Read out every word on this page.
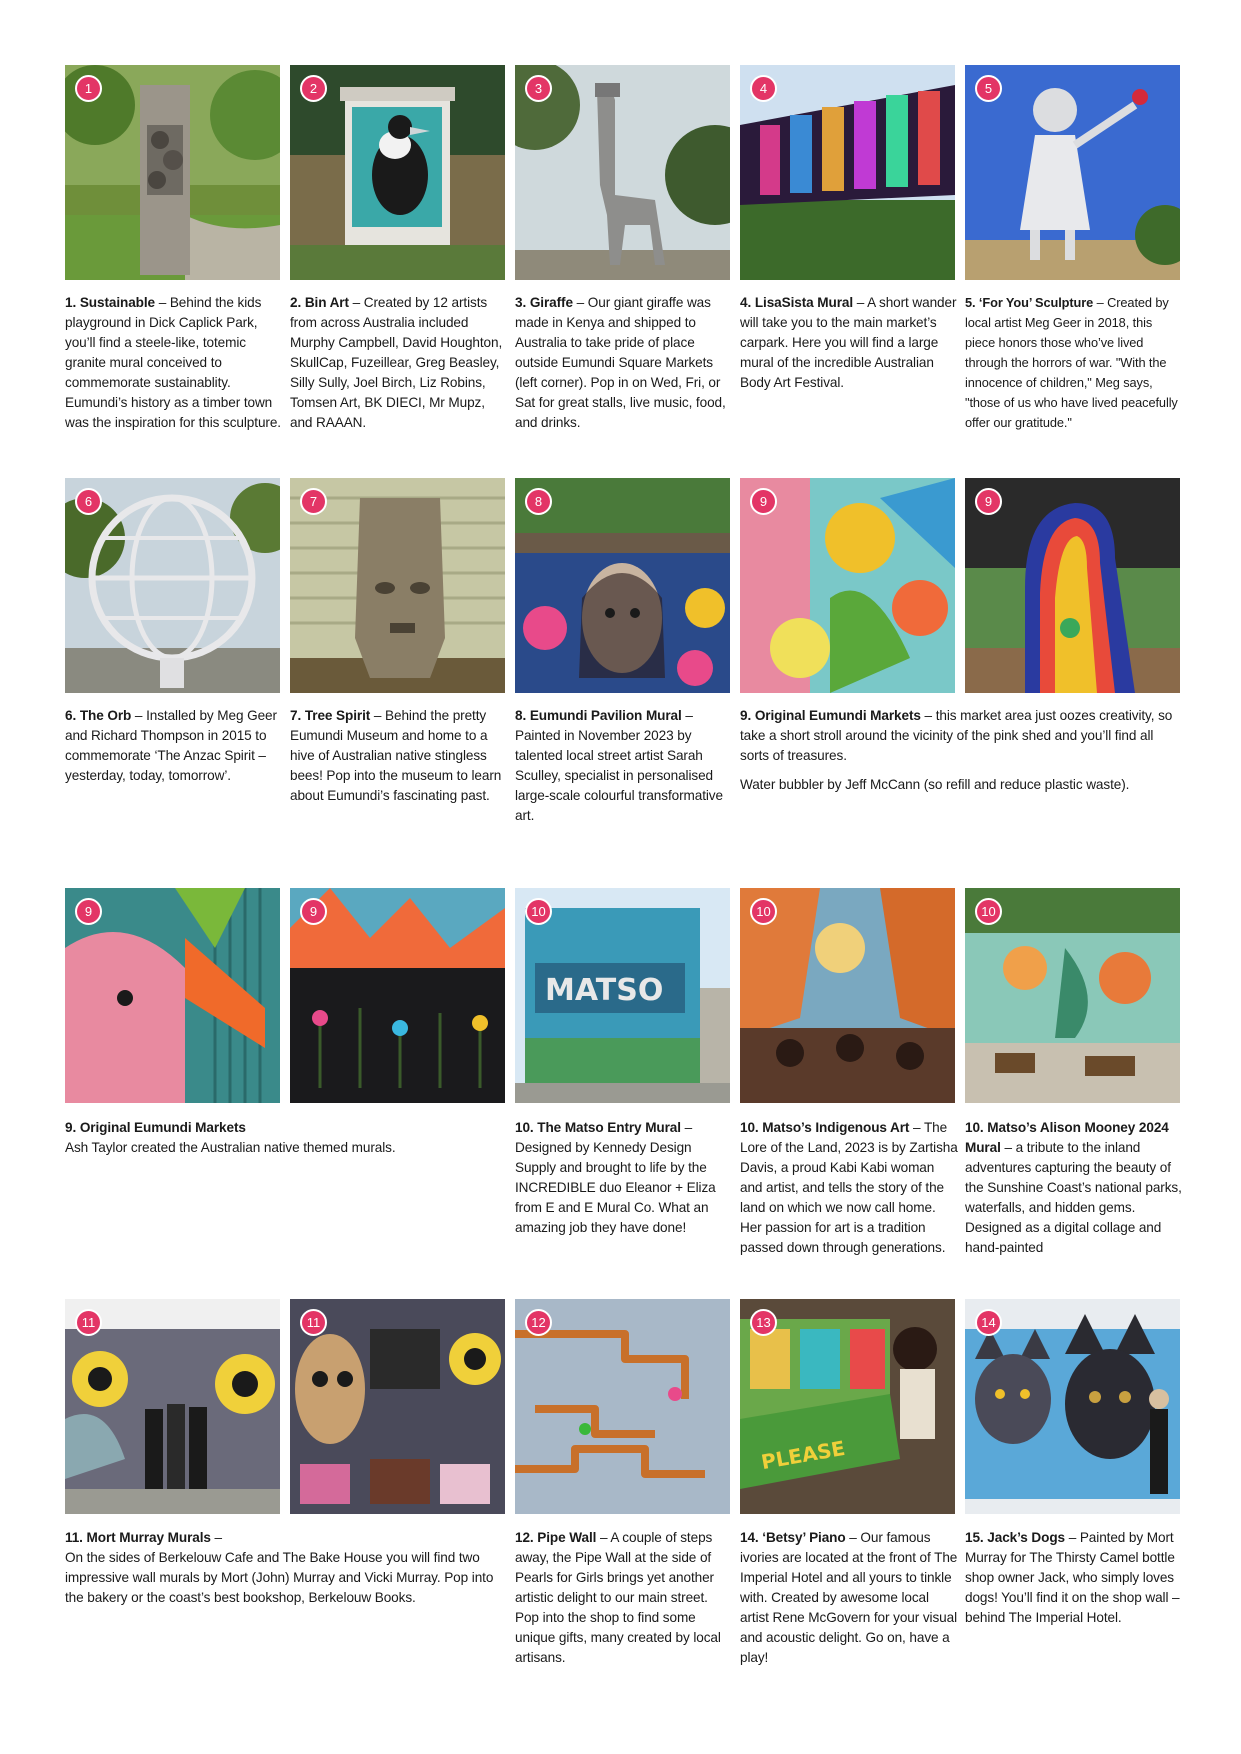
1	2	3	4	5
1. Sustainable – Behind the kids playground in Dick Caplick Park, you’ll find a steele-like, totemic granite mural conceived to commemorate sustainablity. Eumundi’s history as a timber town was the inspiration for this sculpture.
2. Bin Art – Created by 12 artists from across Australia included Murphy Campbell, David Houghton, SkullCap, Fuzeillear, Greg Beasley, Silly Sully, Joel Birch, Liz Robins, Tomsen Art, BK DIECI, Mr Mupz, and RAAAN.
3. Giraffe – Our giant giraffe was made in Kenya and shipped to Australia to take pride of place outside Eumundi Square Markets (left corner). Pop in on Wed, Fri, or Sat for great stalls, live music, food, and drinks.
4. LisaSista Mural – A short wander will take you to the main market’s carpark. Here you will find a large mural of the incredible Australian Body Art Festival.
5. ‘For You’ Sculpture – Created by local artist Meg Geer in 2018, this piece honors those who’ve lived through the horrors of war. "With the innocence of children," Meg says, "those of us who have lived peacefully offer our gratitude."
6	7	8	9	9
6. The Orb – Installed by Meg Geer and Richard Thompson in 2015 to commemorate ‘The Anzac Spirit – yesterday, today, tomorrow’.
7. Tree Spirit – Behind the pretty Eumundi Museum and home to a hive of Australian native stingless bees! Pop into the museum to learn about Eumundi’s fascinating past.
8. Eumundi Pavilion Mural – Painted in November 2023 by talented local street artist Sarah Sculley, specialist in personalised large-scale colourful transformative art.

9. Original Eumundi Markets – this market area just oozes creativity, so take a short stroll around the vicinity of the pink shed and you’ll find all sorts of treasures.

Water bubbler by Jeff McCann (so refill and reduce plastic waste).

9	9
MATSO
10	10	10
9. Original Eumundi Markets
Ash Taylor created the Australian native themed murals.
10. The Matso Entry Mural – Designed by Kennedy Design Supply and brought to life by the INCREDIBLE duo Eleanor + Eliza from E and E Mural Co. What an amazing job they have done!
10. Matso’s Indigenous Art – The Lore of the Land, 2023 is by Zartisha Davis, a proud Kabi Kabi woman and artist, and tells the story of the land on which we now call home. Her passion for art is a tradition passed down through generations.
10. Matso’s Alison Mooney 2024 Mural – a tribute to the inland adventures capturing the beauty of the Sunshine Coast’s national parks, waterfalls, and hidden gems. Designed as a digital collage and hand-painted
11	11	12
PLEASE
13	14
11. Mort Murray Murals –
On the sides of Berkelouw Cafe and The Bake House you will find two impressive wall murals by Mort (John) Murray and Vicki Murray. Pop into the bakery or the coast’s best bookshop, Berkelouw Books.
12. Pipe Wall – A couple of steps away, the Pipe Wall at the side of Pearls for Girls brings yet another artistic delight to our main street. Pop into the shop to find some unique gifts, many created by local artisans.
14. ‘Betsy’ Piano – Our famous ivories are located at the front of The Imperial Hotel and all yours to tinkle with. Created by awesome local artist Rene McGovern for your visual and acoustic delight. Go on, have a play!
15. Jack’s Dogs – Painted by Mort Murray for The Thirsty Camel bottle shop owner Jack, who simply loves dogs! You’ll find it on the shop wall – behind The Imperial Hotel.
